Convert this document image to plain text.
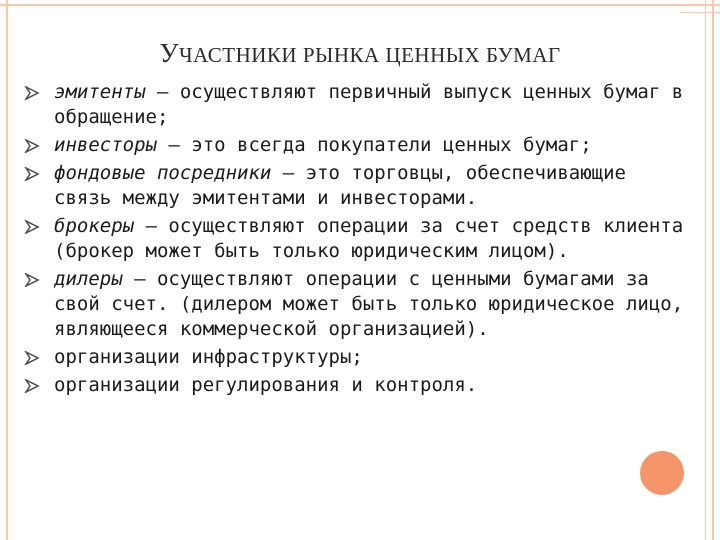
УЧАСТНИКИ РЫНКА ЦЕННЫХ БУМАГ
эмитенты — осуществляют первичный выпуск ценных бумаг в обращение;
инвесторы — это всегда покупатели ценных бумаг;
фондовые посредники — это торговцы, обеспечивающие связь между эмитентами и инвесторами.
брокеры — осуществляют операции за счет средств клиента (брокер может быть только юридическим лицом).
дилеры — осуществляют операции с ценными бумагами за свой счет. (дилером может быть только юридическое лицо, являющееся коммерческой организацией).
организации инфраструктуры;
организации регулирования и контроля.
